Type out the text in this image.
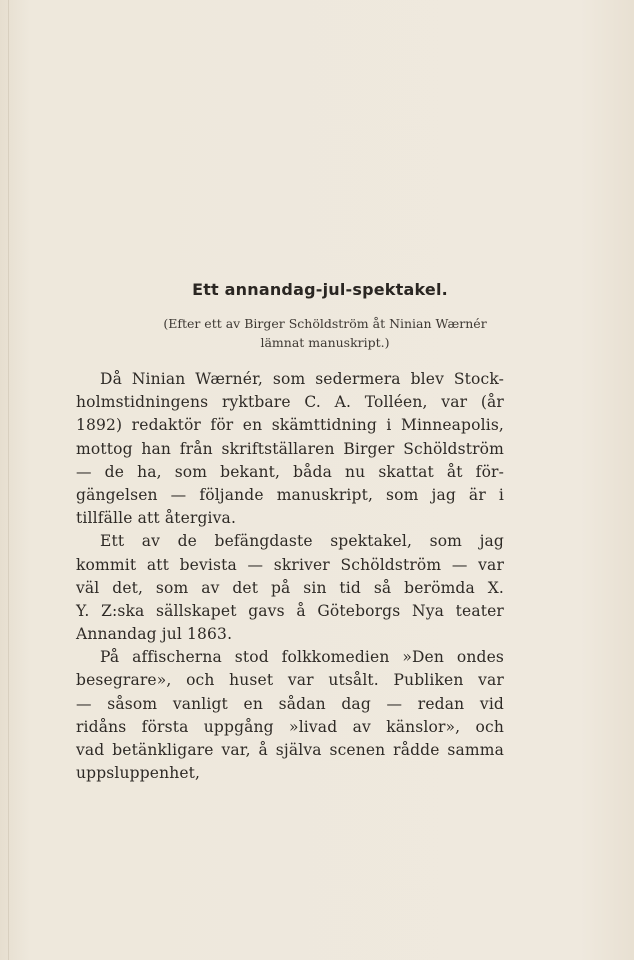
Ett annandag-jul-spektakel.
(Efter ett av Birger Schöldström åt Ninian Wærnér
lämnat manuskript.)
Då Ninian Wærnér, som sedermera blev Stock-
holmstidningens ryktbare C. A. Tolléen, var (år
1892) redaktör för en skämttidning i Minneapolis,
mottog han från skriftställaren Birger Schöldström
— de ha, som bekant, båda nu skattat åt för-
gängelsen — följande manuskript, som jag är i
tillfälle att återgiva.
Ett av de befängdaste spektakel, som jag
kommit att bevista — skriver Schöldström — var
väl det, som av det på sin tid så berömda X.
Y. Z:ska sällskapet gavs å Göteborgs Nya teater
Annandag jul 1863.
På affischerna stod folkkomedien »Den ondes
besegrare», och huset var utsålt. Publiken var
— såsom vanligt en sådan dag — redan vid
ridåns första uppgång »livad av känslor», och
vad betänkligare var, å själva scenen rådde samma
uppsluppenhet,
